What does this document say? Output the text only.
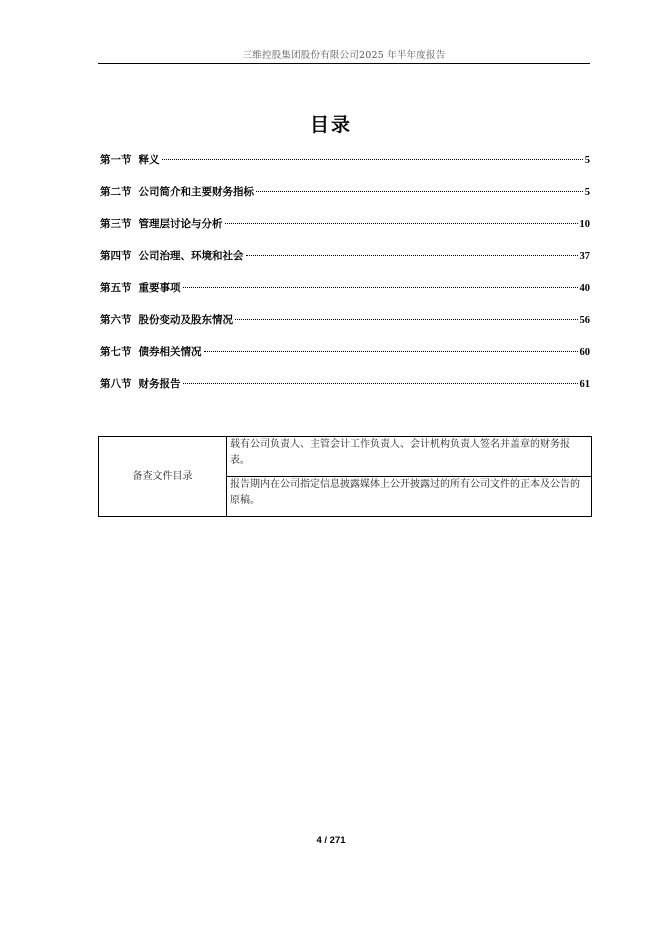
三维控股集团股份有限公司2025 年半年度报告
目录
第一节 释义	5
第二节 公司简介和主要财务指标	5
第三节 管理层讨论与分析	10
第四节 公司治理、环境和社会	37
第五节 重要事项	40
第六节 股份变动及股东情况	56
第七节 债券相关情况	60
第八节 财务报告	61
备查文件目录	载有公司负责人、主管会计工作负责人、会计机构负责人签名并盖章的财务报表。
报告期内在公司指定信息披露媒体上公开披露过的所有公司文件的正本及公告的原稿。
4 / 271
